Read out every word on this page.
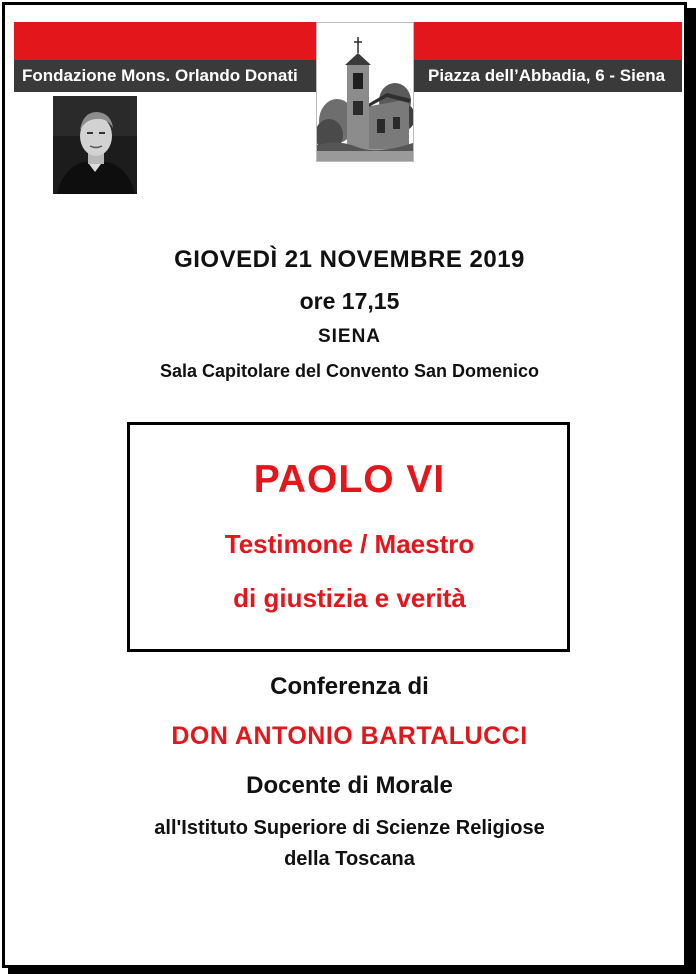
Fondazione Mons. Orlando Donati	Piazza dell’Abbadia, 6 - Siena
GIOVEDÌ 21 NOVEMBRE 2019
ore 17,15
SIENA
Sala Capitolare del Convento San Domenico
PAOLO VI
Testimone / Maestro
di giustizia e verità
Conferenza di
DON ANTONIO BARTALUCCI
Docente di Morale
all'Istituto Superiore di Scienze Religiose
della Toscana
